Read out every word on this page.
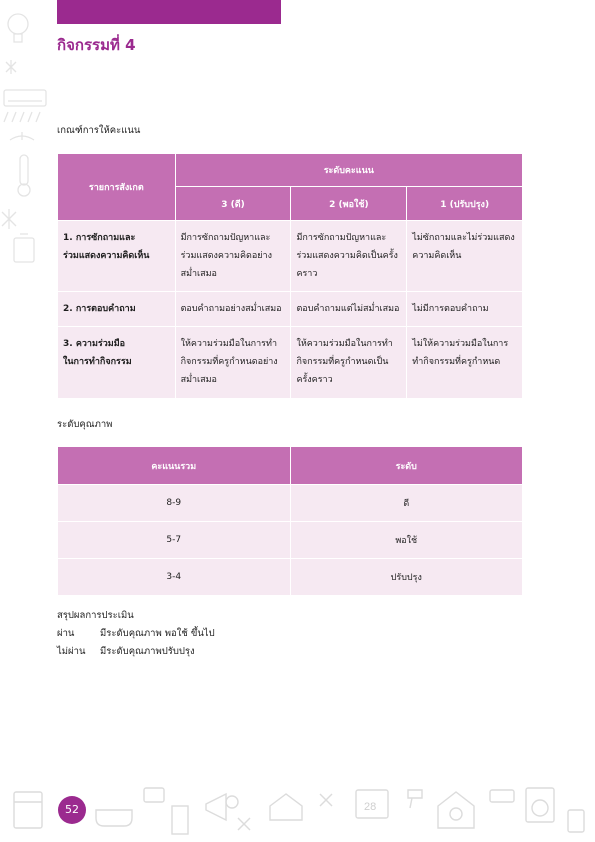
กิจกรรมที่ 4
เกณฑ์การให้คะแนน
รายการสังเกต	ระดับคะแนน		
	3 (ดี)	2 (พอใช้)	1 (ปรับปรุง)
1. การซักถามและ
ร่วมแสดงความคิดเห็น	มีการซักถามปัญหาและร่วมแสดงความคิดอย่างสม่ำเสมอ	มีการซักถามปัญหาและร่วมแสดงความคิดเป็นครั้งคราว	ไม่ซักถามและไม่ร่วมแสดงความคิดเห็น
2. การตอบคำถาม	ตอบคำถามอย่างสม่ำเสมอ	ตอบคำถามแต่ไม่สม่ำเสมอ	ไม่มีการตอบคำถาม
3. ความร่วมมือ
ในการทำกิจกรรม	ให้ความร่วมมือในการทำกิจกรรมที่ครูกำหนดอย่างสม่ำเสมอ	ให้ความร่วมมือในการทำกิจกรรมที่ครูกำหนดเป็นครั้งคราว	ไม่ให้ความร่วมมือในการทำกิจกรรมที่ครูกำหนด
ระดับคุณภาพ
คะแนนรวม	ระดับ
8-9	ดี
5-7	พอใช้
3-4	ปรับปรุง
สรุปผลการประเมิน
ผ่าน	มีระดับคุณภาพ พอใช้ ขึ้นไป
ไม่ผ่าน มีระดับคุณภาพปรับปรุง
28
52
